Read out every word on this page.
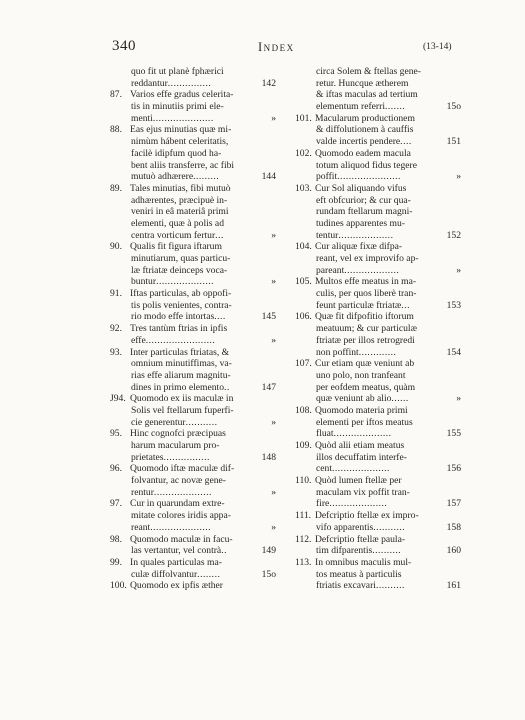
340	Index	(13-14)
quo fit ut planè fphærici
reddantur...............	142
87. Varios effe gradus celerita-
tis in minutiis primi ele-
menti.....................	»
88. Eas ejus minutias quæ mi-
nimùm hábent celeritatis,
facilè idipfum quod ha-
bent aliis transferre, ac fibi
mutuò adhærere.........	144
89. Tales minutias, fibi mutuò
adhærentes, præcipuè in-
veniri in eâ materiâ primi
elementi, quæ à polis ad
centra vorticum fertur...	»
90. Qualis fit figura iftarum
minutiarum, quas particu-
læ ftriatæ deinceps voca-
buntur....................	»
91. Iftas particulas, ab oppofi-
tis polis venientes, contra-
rio modo effe intortas....	145
92. Tres tantùm ftrias in ipfis
effe........................	»
93. Inter particulas ftriatas, &
omnium minutiffimas, va-
rias effe aliarum magnitu-
dines in primo elemento..	147
J94. Quomodo ex iis maculæ in
Solis vel ftellarum fuperfi-
cie generentur...........	»
95. Hinc cognofci præcipuas
harum macularum pro-
prietates................	148
96. Quomodo iftæ maculæ dif-
folvantur, ac novæ gene-
rentur....................	»
97. Cur in quarundam extre-
mitate colores iridis appa-
reant.....................	»
98. Quomodo maculæ in facu-
las vertantur, vel contrà..	149
99. In quales particulas ma-
culæ diffolvantur........	15o
100. Quomodo ex ipfis æther
circa Solem & ftellas gene-
retur. Huncque ætherem
& iftas maculas ad tertium
elementum referri.......	15o
101. Macularum productionem
& diffolutionem à cauffis
valde incertis pendere....	151
102. Quomodo eadem macula
totum aliquod fidus tegere
poffit......................	»
103. Cur Sol aliquando vifus
eft obfcurior; & cur qua-
rundam ftellarum magni-
tudines apparentes mu-
tentur...................	152
104. Cur aliquæ fixæ difpa-
reant, vel ex improvifo ap-
pareant...................	»
105. Multos effe meatus in ma-
culis, per quos liberè tran-
feunt particulæ ftriatæ...	153
106. Quæ fit difpofitio iftorum
meatuum; & cur particulæ
ftriatæ per illos retrogredi
non poffint.............	154
107. Cur etiam quæ veniunt ab
uno polo, non tranfeant
per eofdem meatus, quàm
quæ veniunt ab alio......	»
108. Quomodo materia primi
elementi per iftos meatus
fluat....................	155
109. Quòd alii etiam meatus
illos decuffatim interfe-
cent....................	156
110. Quòd lumen ftellæ per
maculam vix poffit tran-
fire....................	157
111. Defcriptio ftellæ ex impro-
vifo apparentis...........	158
112. Defcriptio ftellæ paula-
tim difparentis..........	160
113. In omnibus maculis mul-
tos meatus à particulis
ftriatis excavari..........	161
